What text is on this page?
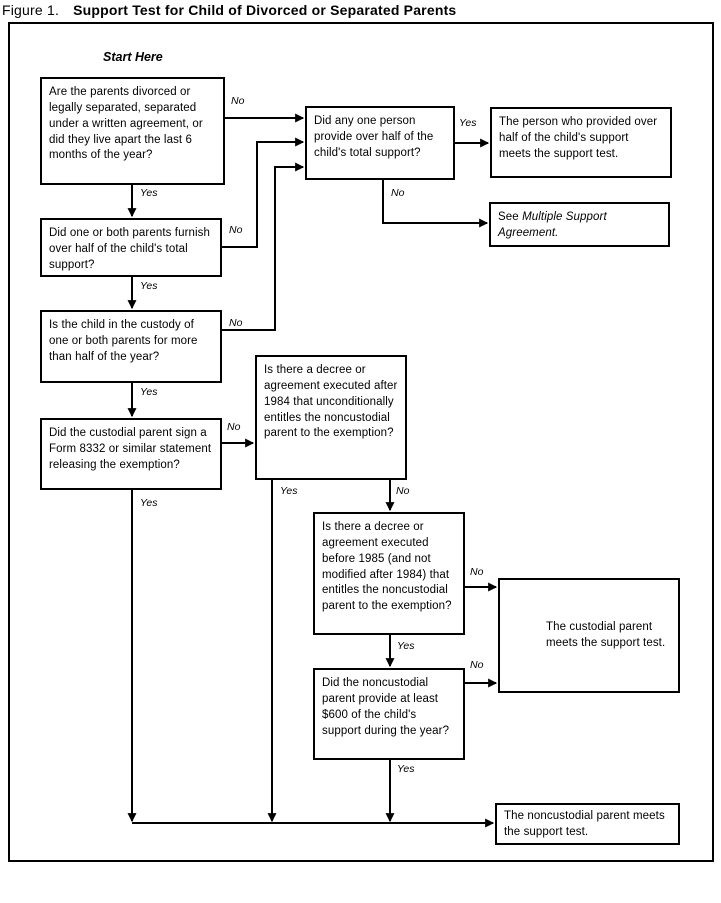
Figure 1. Support Test for Child of Divorced or Separated Parents
Start Here
Are the parents divorced or legally separated, separated under a written agreement, or did they live apart the last 6 months of the year?
Did one or both parents furnish over half of the child's total support?
Is the child in the custody of one or both parents for more than half of the year?
Did the custodial parent sign a Form 8332 or similar statement releasing the exemption?
Did any one person provide over half of the child's total support?
The person who provided over half of the child's support meets the support test.
See Multiple Support Agreement.
Is there a decree or agreement executed after 1984 that unconditionally entitles the noncustodial parent to the exemption?
Is there a decree or agreement executed before 1985 (and not modified after 1984) that entitles the noncustodial parent to the exemption?
Did the noncustodial parent provide at least $600 of the child's support during the year?
The custodial parent meets the support test.
The noncustodial parent meets the support test.
Yes
No
Yes
No
Yes
No
Yes
No
Yes
No
Yes	No
No
Yes
No
Yes
